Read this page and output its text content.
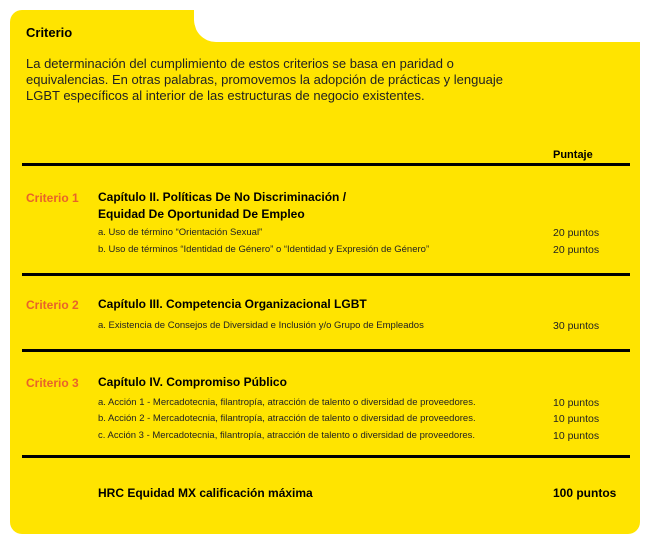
Criterio
La determinación del cumplimiento de estos criterios se basa en paridad o
equivalencias. En otras palabras, promovemos la adopción de prácticas y lenguaje
LGBT específicos al interior de las estructuras de negocio existentes.
Puntaje
Criterio 1 Capítulo II. Políticas De No Discriminación /
Equidad De Oportunidad De Empleo
a. Uso de término “Orientación Sexual”	20 puntos
b. Uso de términos “Identidad de Género” o “Identidad y Expresión de Género”	20 puntos
Criterio 2 Capítulo III. Competencia Organizacional LGBT
a. Existencia de Consejos de Diversidad e Inclusión y/o Grupo de Empleados	30 puntos
Criterio 3 Capítulo IV. Compromiso Público
a. Acción 1 - Mercadotecnia, filantropía, atracción de talento o diversidad de proveedores.	10 puntos
b. Acción 2 - Mercadotecnia, filantropía, atracción de talento o diversidad de proveedores.	10 puntos
c. Acción 3 - Mercadotecnia, filantropía, atracción de talento o diversidad de proveedores.	10 puntos
HRC Equidad MX calificación máxima	100 puntos
